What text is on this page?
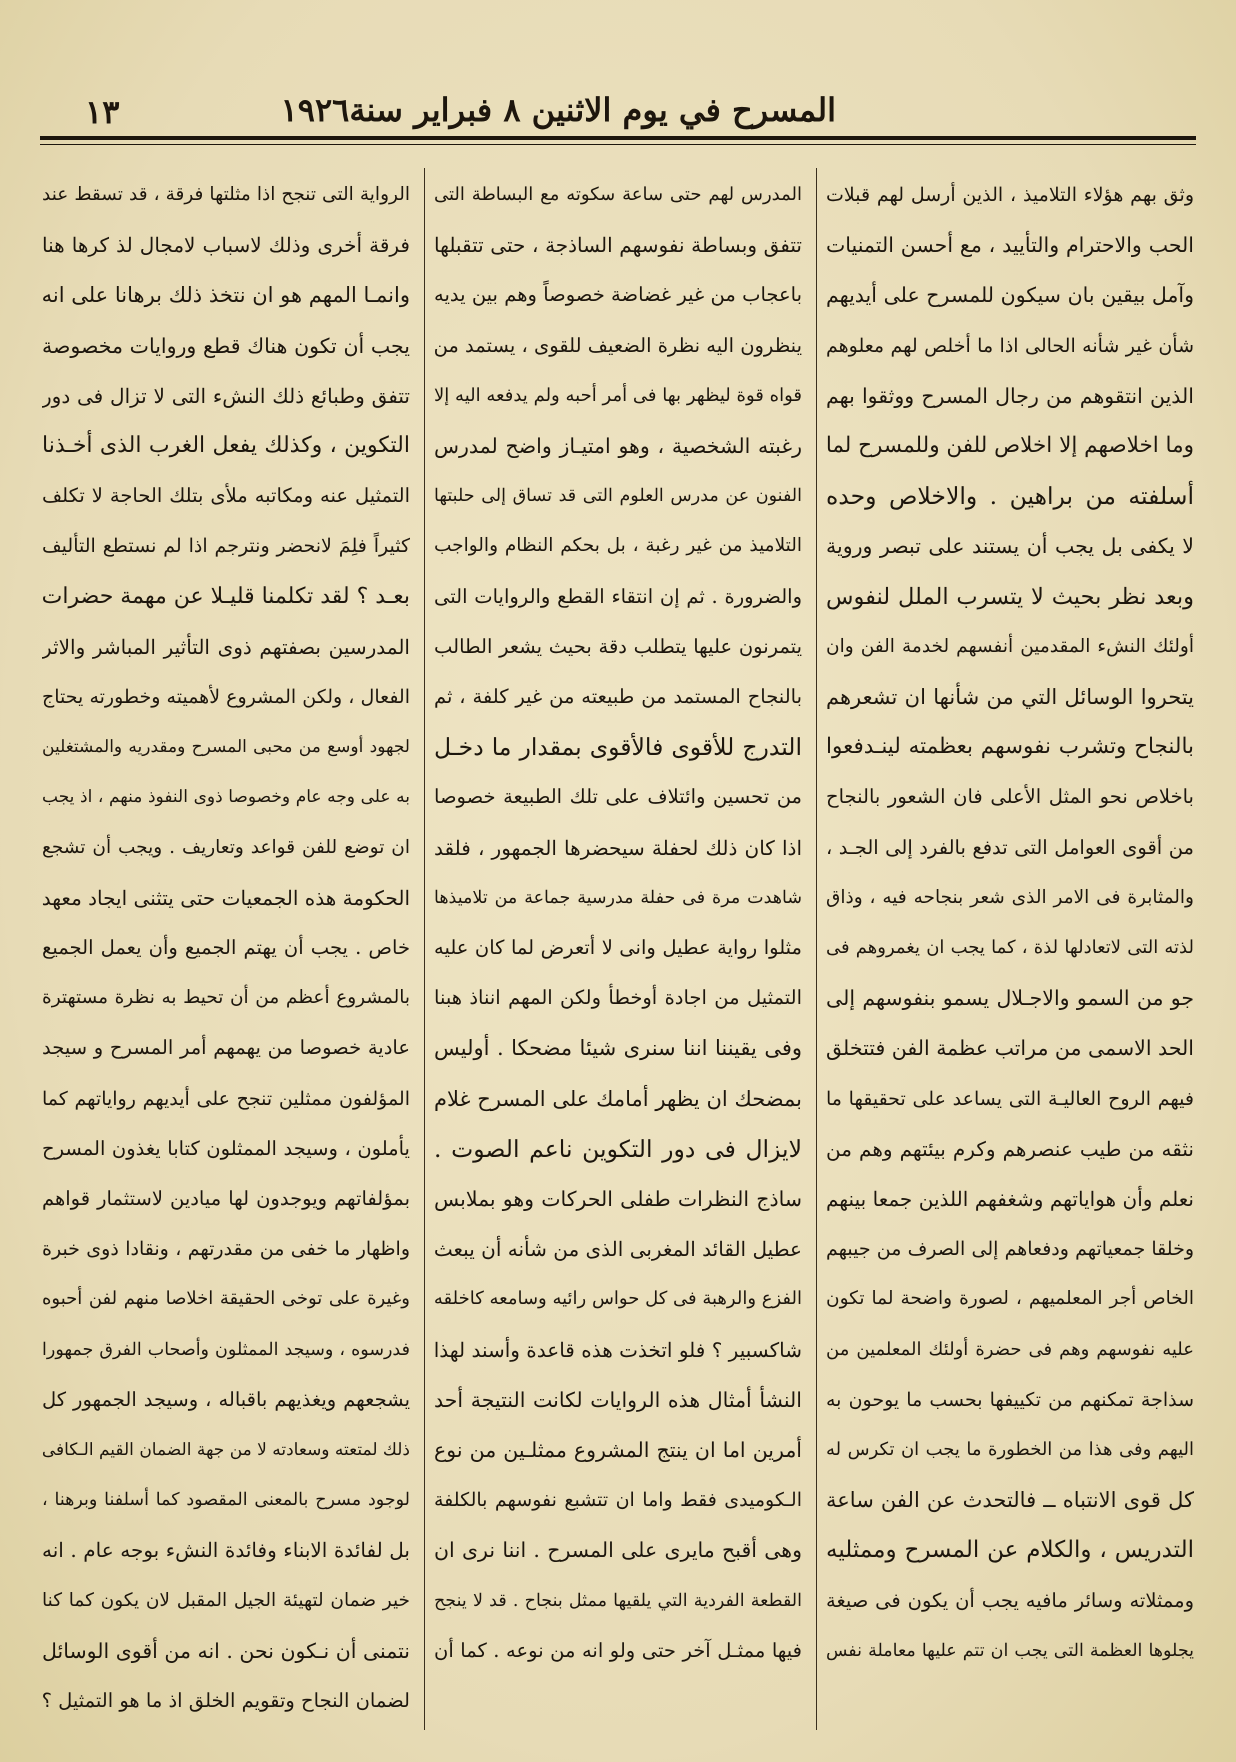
المسرح في يوم الاثنين ٨ فبراير سنة١٩٢٦
١٣
وثق بهم هؤلاء التلاميذ ، الذين أرسل لهم قبلات
الحب والاحترام والتأييد ، مع أحسن التمنيات
وآمل بيقين بان سيكون للمسرح على أيديهم
شأن غير شأنه الحالى اذا ما أخلص لهم معلوهم
الذين انتقوهم من رجال المسرح ووثقوا بهم
وما اخلاصهم إلا اخلاص للفن وللمسرح لما
أسلفته من براهين . والاخلاص وحده
لا يكفى بل يجب أن يستند على تبصر وروية
وبعد نظر بحيث لا يتسرب الملل لنفوس
أولئك النشء المقدمين أنفسهم لخدمة الفن وان
يتحروا الوسائل التي من شأنها ان تشعرهم
بالنجاح وتشرب نفوسهم بعظمته لينـدفعوا
باخلاص نحو المثل الأعلى فان الشعور بالنجاح
من أقوى العوامل التى تدفع بالفرد إلى الجـد ،
والمثابرة فى الامر الذى شعر بنجاحه فيه ، وذاق
لذته التى لاتعادلها لذة ، كما يجب ان يغمروهم فى
جو من السمو والاجـلال يسمو بنفوسهم إلى
الحد الاسمى من مراتب عظمة الفن فتتخلق
فيهم الروح العاليـة التى يساعد على تحقيقها ما
نثقه من طيب عنصرهم وكرم بيئتهم وهم من
نعلم وأن هواياتهم وشغفهم اللذين جمعا بينهم
وخلقا جمعياتهم ودفعاهم إلى الصرف من جيبهم
الخاص أجر المعلميهم ، لصورة واضحة لما تكون
عليه نفوسهم وهم فى حضرة أولئك المعلمين من
سذاجة تمكنهم من تكييفها بحسب ما يوحون به
اليهم وفى هذا من الخطورة ما يجب ان تكرس له
كل قوى الانتباه ــ فالتحدث عن الفن ساعة
التدريس ، والكلام عن المسرح وممثليه
وممثلاته وسائر مافيه يجب أن يكون فى صيغة
يجلوها العظمة التى يجب ان تتم عليها معاملة نفس
المدرس لهم حتى ساعة سكوته مع البساطة التى
تتفق وبساطة نفوسهم الساذجة ، حتى تتقبلها
باعجاب من غير غضاضة خصوصاً وهم بين يديه
ينظرون اليه نظرة الضعيف للقوى ، يستمد من
قواه قوة ليظهر بها فى أمر أحبه ولم يدفعه اليه إلا
رغبته الشخصية ، وهو امتيـاز واضح لمدرس
الفنون عن مدرس العلوم التى قد تساق إلى حلبتها
التلاميذ من غير رغبة ، بل بحكم النظام والواجب
والضرورة . ثم إن انتقاء القطع والروايات التى
يتمرنون عليها يتطلب دقة بحيث يشعر الطالب
بالنجاح المستمد من طبيعته من غير كلفة ، ثم
التدرج للأقوى فالأقوى بمقدار ما دخـل
من تحسين وائتلاف على تلك الطبيعة خصوصا
اذا كان ذلك لحفلة سيحضرها الجمهور ، فلقد
شاهدت مرة فى حفلة مدرسية جماعة من تلاميذها
مثلوا رواية عطيل وانى لا أتعرض لما كان عليه
التمثيل من اجادة أوخطأ ولكن المهم انناذ هبنا
وفى يقيننا اننا سنرى شيئا مضحكا . أوليس
بمضحك ان يظهر أمامك على المسرح غلام
لايزال فى دور التكوين ناعم الصوت .
ساذج النظرات طفلى الحركات وهو بملابس
عطيل القائد المغربى الذى من شأنه أن يبعث
الفزع والرهبة فى كل حواس رائيه وسامعه كاخلقه
شاكسبير ؟ فلو اتخذت هذه قاعدة وأسند لهذا
النشأ أمثال هذه الروايات لكانت النتيجة أحد
أمرين اما ان ينتج المشروع ممثلـين من نوع
الـكوميدى فقط واما ان تتشبع نفوسهم بالكلفة
وهى أقبح مايرى على المسرح . اننا نرى ان
القطعة الفردية التي يلقيها ممثل بنجاح . قد لا ينجح
فيها ممثـل آخر حتى ولو انه من نوعه . كما أن
الرواية التى تنجح اذا مثلتها فرقة ، قد تسقط عند
فرقة أخرى وذلك لاسباب لامجال لذ كرها هنا
وانمـا المهم هو ان نتخذ ذلك برهانا على انه
يجب أن تكون هناك قطع وروايات مخصوصة
تتفق وطبائع ذلك النشء التى لا تزال فى دور
التكوين ، وكذلك يفعل الغرب الذى أخـذنا
التمثيل عنه ومكاتبه ملأى بتلك الحاجة لا تكلف
كثيراً فلِمَ لانحضر ونترجم اذا لم نستطع التأليف
بعـد ؟ لقد تكلمنا قليـلا عن مهمة حضرات
المدرسين بصفتهم ذوى التأثير المباشر والاثر
الفعال ، ولكن المشروع لأهميته وخطورته يحتاج
لجهود أوسع من محبى المسرح ومقدريه والمشتغلين
به على وجه عام وخصوصا ذوى النفوذ منهم ، اذ يجب
ان توضع للفن قواعد وتعاريف . ويجب أن تشجع
الحكومة هذه الجمعيات حتى يتثنى ايجاد معهد
خاص . يجب أن يهتم الجميع وأن يعمل الجميع
بالمشروع أعظم من أن تحيط به نظرة مستهترة
عادية خصوصا من يهمهم أمر المسرح و سيجد
المؤلفون ممثلين تنجح على أيديهم رواياتهم كما
يأملون ، وسيجد الممثلون كتابا يغذون المسرح
بمؤلفاتهم ويوجدون لها ميادين لاستثمار قواهم
واظهار ما خفى من مقدرتهم ، ونقادا ذوى خبرة
وغيرة على توخى الحقيقة اخلاصا منهم لفن أحبوه
فدرسوه ، وسيجد الممثلون وأصحاب الفرق جمهورا
يشجعهم ويغذيهم باقباله ، وسيجد الجمهور كل
ذلك لمتعته وسعادته لا من جهة الضمان القيم الـكافى
لوجود مسرح بالمعنى المقصود كما أسلفنا وبرهنا ،
بل لفائدة الابناء وفائدة النشء بوجه عام . انه
خير ضمان لتهيئة الجيل المقبل لان يكون كما كنا
نتمنى أن نـكون نحن . انه من أقوى الوسائل
لضمان النجاح وتقويم الخلق اذ ما هو التمثيل ؟
